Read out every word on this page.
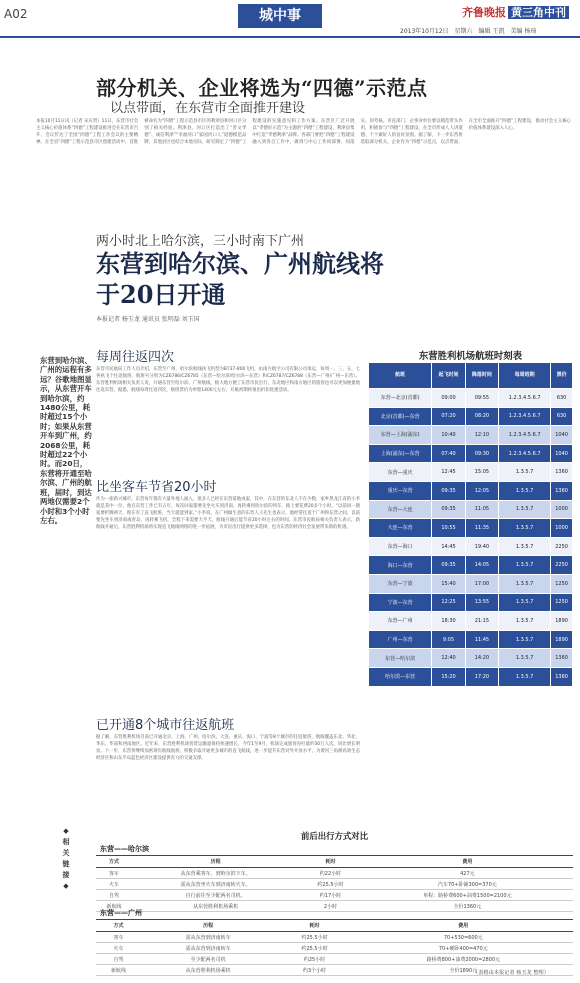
A02	城中事	齐鲁晚报 黄三角中刊
2013年10月12日　星期六　编辑 王凯　美编 杨琦
部分机关、企业将选为“四德”示范点
以点带面，在东营市全面推开建设
本报10月11日讯（记者 宋庆贤）11日，东营市社会主义核心价值体系“四德”工程建设推进会在东营市召开，会议传达了全国“四德”工程工作会议的主要精神。在全省“四德”工程示范县市区创建活动中，首批被命名为“四德”工程示范县市区的利津县和河口区分别了相关经验。利津县、河口区打造出了“善文孝德”、诚信利津”“幸福河口”家园河口人”道德模范品牌，其他县区也结合本地实际，研究制定了“四德”工程建设的实施意见和工作方案。东营区广泛开展以“孝德好示范”为主题的“四德”工程建设，利津县集中打造“孝德利津”品牌。各部门要把“四德”工程建设融入到各自工作中，做到与中心工作同部署、同落实、同考核。市直部门、企事业单位要以模范带头作用，积极参与“四德”工程建设，在全市形成人人讲道德、个个做好人的良好氛围。据了解，下一步东营将选取部分机关、企业作为“四德”示范点，以点带面，在全市全面推开“四德”工程建设，推动社会主义核心价值体系建设深入人心。
两小时北上哈尔滨，三小时南下广州
东营到哈尔滨、广州航线将于20日开通
本报记者 杨玉龙 通讯员 张明磊 刘玉国
东营到哈尔滨、广州的运程有多远？谷歌地图显示，从东营开车到哈尔滨，约1480公里，耗时超过15个小时；如果从东营开车到广州，约2068公里，耗时超过22个小时。而20日，东营将开通至哈尔滨、广州的航班，届时，到达两地仅需要2个小时和3个小时左右。
每周往返四次
东营市民航局工作人员介绍，东营至广州、哈尔滨航线执飞机型为B737-800飞机，由南方航空公司有限公司承运，每周一、三、五、七各执飞个往返航班，航班号分别为CZ6786/CZ6785（东营—哈尔滨/哈尔滨—东营）和CZ6787/CZ6788（东营—广州/广州—东营）。东营胜利机场相关负责人说，开通东营至哈尔滨、广州航线，极大地方便了东营市民出行，东北地区和南方地区的旅客也可以更加便捷地往返东营。据悉，航线每周往返四次，航班票价为单程1400元左右，开航初期将推出折扣优惠活动。
比坐客车节省20小时
作为一座新兴城市，东营每年都有大量外地人涌入，很多人已经在东营落地成家，其中，在东营的东北人不在少数，家乡黑龙江省的小李就是其中一位，他在东营工作已有五年，每次回家都要先坐火车到济南，再转乘到哈尔滨的列车，路上要花费20多个小时。“以前回一趟家要折腾两天，现在有了直飞航班，当天就能到家。”小李说。在广州做生意的东营人王先生也表示，他经常往返于广州和东营之间，以前要先坐车到济南或青岛，再转乘飞机，全程下来需要大半天，航线开通后能节省20小时左右的时间。东营市民航局相关负责人表示，新航线开通后，东营胜利机场将实现直飞航线网络的进一步拓展，为市民出行提供更多选择，也为东营的经济社会发展带来新的机遇。
已开通8个城市往返航班
据了解，东营胜利机场目前已开通北京、上海、广州、哈尔滨、大连、重庆、海口、宁波等8个城市的往返航班，航线覆盖东北、华北、华东、华南和西南地区。近年来，东营胜利机场客货运输量保持快速增长，今年1至9月，机场完成旅客吞吐量约30万人次，同比增长明显。下一步，东营将继续加密现有航线航班，积极争取开通更多城市的直飞航线，进一步提升东营对外开放水平，为黄河三角洲高效生态经济区和山东半岛蓝色经济区建设提供有力的交通支撑。
东营胜利机场航班时刻表
航班	起飞时间	降落时间	每周班期	票价
东营—北京(首都)	09:00	09:55	1.2.3.4.5.6.7	630
北京(首都)—东营	07:20	08:20	1.2.3.4.5.6.7	630
东营—上海(浦东)	10:40	12:10	1.2.3.4.5.6.7	1040
上海(浦东)—东营	07:40	09:30	1.2.3.4.5.6.7	1040
东营—重庆	12:45	15:05	1.3.5.7	1360
重庆—东营	09:35	12:05	1.3.5.7	1360
东营—大连	09:35	11:05	1.3.5.7	1000
大连—东营	10:55	11:35	1.3.5.7	1000
东营—海口	14:45	19:40	1.3.5.7	2250
海口—东营	09:35	14:05	1.3.5.7	2250
东营—宁波	15:40	17:00	1.3.5.7	1250
宁波—东营	12:25	13:55	1.3.5.7	1250
东营—广州	18:30	21:15	1.3.5.7	1890
广州—东营	9:05	11:45	1.3.5.7	1890
东营—哈尔滨	12:40	14:20	1.3.5.7	1360
哈尔滨—东营	15:20	17:20	1.3.5.7	1360
前后出行方式对比
东营——哈尔滨
方式	历程	耗时	费用
客车	从东营乘客车，到哈尔滨下车。	约22小时	427元
火车	需从东营坐火车到济南转火车。	约25.5小时	汽车70+卧铺300=370元
自驾	自行前往至少配两名司机。	约17小时	单程：路桥费600+油费1500=2100元
新航线	从东营胜利机场乘机	2小时	全价1360元
东营——广州
方式	历程	耗时	费用
客车	需从东营到济南转车	约25.5小时	70+530=600元
火车	需从东营到济南转车	约25.5小时	70+硬卧400=470元
自驾	至少配两名司机	约25小时	路桥费800+油费2000=2800元
新航线	从东营胜利机场乘机	约3个小时	全价1890元
◆
相
关
链
接
◆
（表格由本报记者 杨玉龙 整理）
